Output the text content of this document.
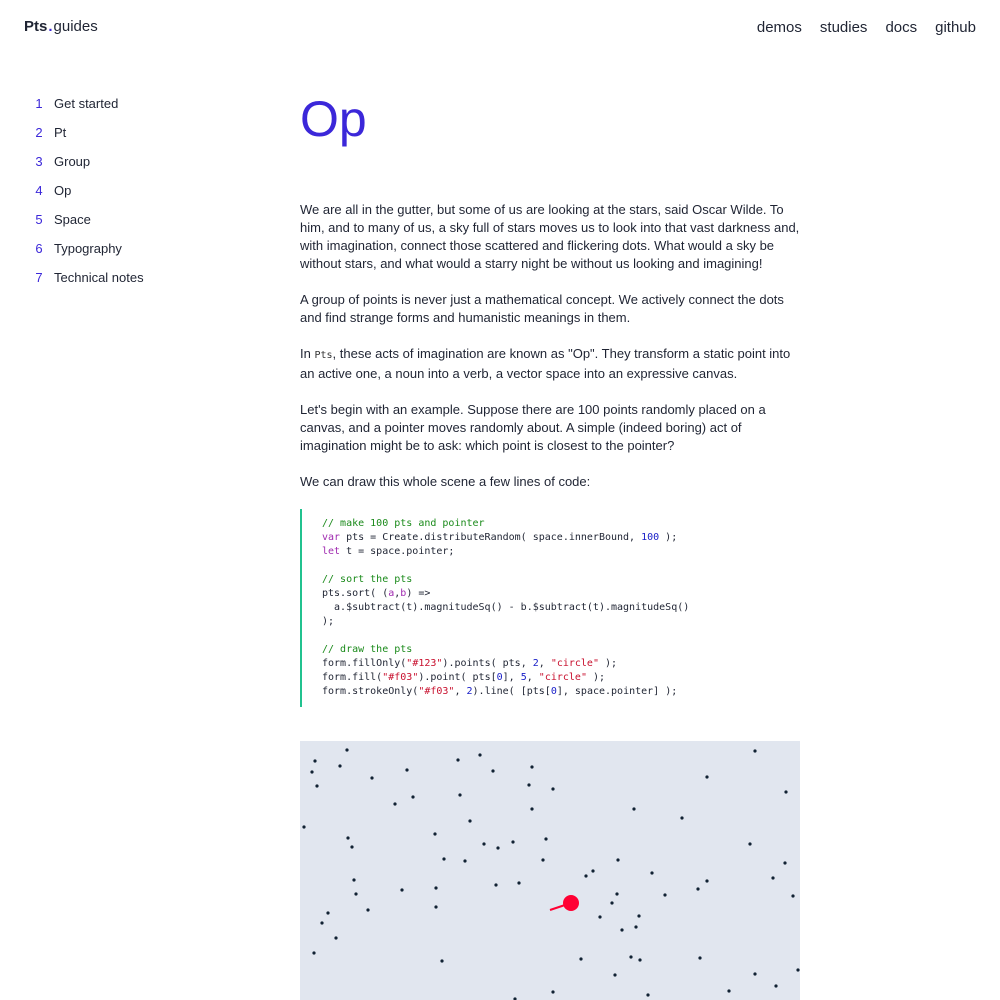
Pts.guides	demos studies docs github
1 Get started
2 Pt
3 Group
4 Op
5 Space
6 Typography
7 Technical notes
Op

We are all in the gutter, but some of us are looking at the stars, said Oscar Wilde. To him, and to many of us, a sky full of stars moves us to look into that vast darkness and, with imagination, connect those scattered and flickering dots. What would a sky be without stars, and what would a starry night be without us looking and imagining!

A group of points is never just a mathematical concept. We actively connect the dots and find strange forms and humanistic meanings in them.

In Pts, these acts of imagination are known as "Op". They transform a static point into an active one, a noun into a verb, a vector space into an expressive canvas.

Let's begin with an example. Suppose there are 100 points randomly placed on a canvas, and a pointer moves randomly about. A simple (indeed boring) act of imagination might be to ask: which point is closest to the pointer?

We can draw this whole scene a few lines of code:

// make 100 pts and pointer
var pts = Create.distributeRandom( space.innerBound, 100 );
let t = space.pointer;
// sort the pts
pts.sort( (a,b) =>
a.$subtract(t).magnitudeSq() - b.$subtract(t).magnitudeSq()
);
// draw the pts
form.fillOnly("#123").points( pts, 2, "circle" );
form.fill("#f03").point( pts[0], 5, "circle" );
form.strokeOnly("#f03", 2).line( [pts[0], space.pointer] );
